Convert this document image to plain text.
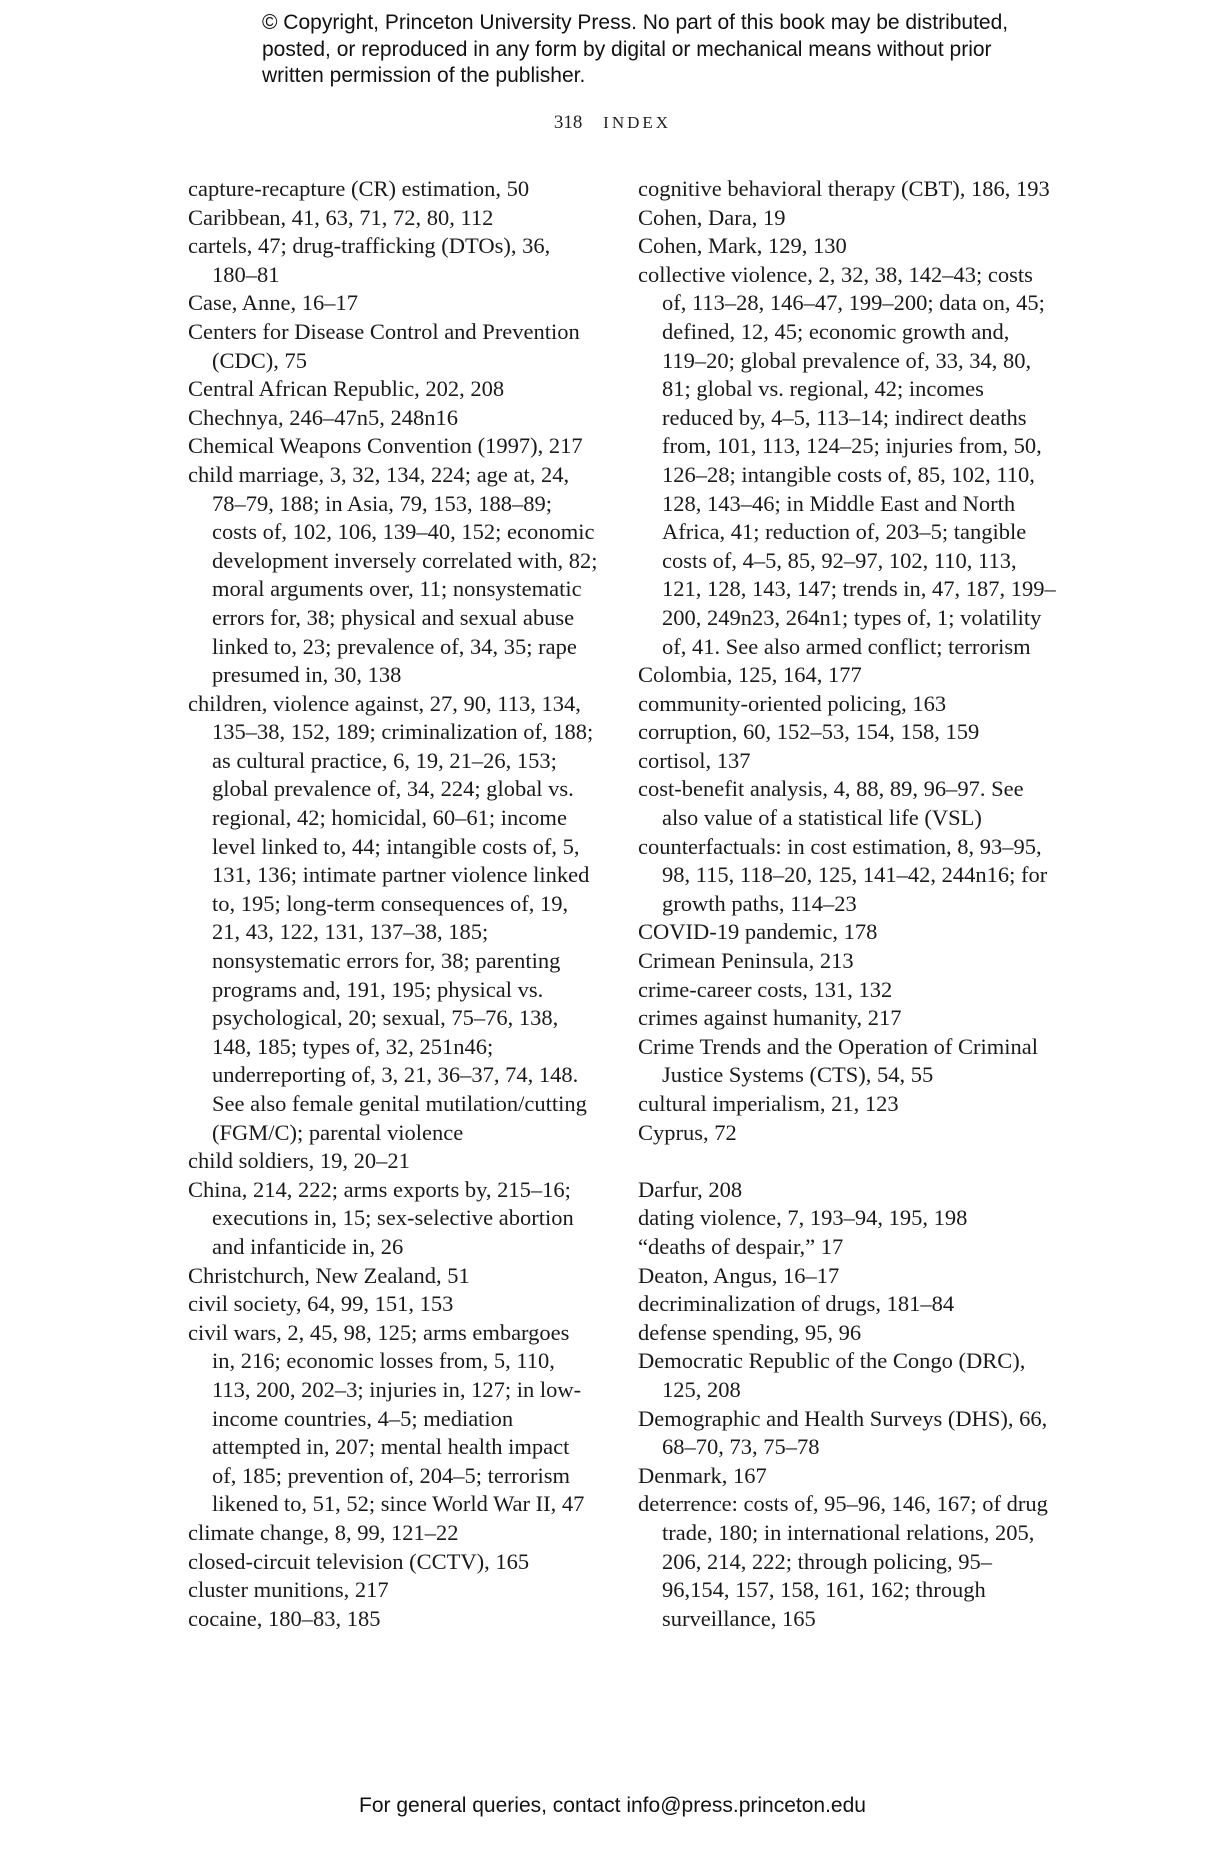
© Copyright, Princeton University Press. No part of this book may be distributed, posted, or reproduced in any form by digital or mechanical means without prior written permission of the publisher.
318 INDEX
capture-recapture (CR) estimation, 50
Caribbean, 41, 63, 71, 72, 80, 112
cartels, 47; drug-trafficking (DTOs), 36, 180–81
Case, Anne, 16–17
Centers for Disease Control and Prevention (CDC), 75
Central African Republic, 202, 208
Chechnya, 246–47n5, 248n16
Chemical Weapons Convention (1997), 217
child marriage, 3, 32, 134, 224; age at, 24, 78–79, 188; in Asia, 79, 153, 188–89; costs of, 102, 106, 139–40, 152; economic development inversely correlated with, 82; moral arguments over, 11; nonsystematic errors for, 38; physical and sexual abuse linked to, 23; prevalence of, 34, 35; rape presumed in, 30, 138
children, violence against, 27, 90, 113, 134, 135–38, 152, 189; criminalization of, 188; as cultural practice, 6, 19, 21–26, 153; global prevalence of, 34, 224; global vs. regional, 42; homicidal, 60–61; income level linked to, 44; intangible costs of, 5, 131, 136; intimate partner violence linked to, 195; long-term consequences of, 19, 21, 43, 122, 131, 137–38, 185; nonsystematic errors for, 38; parenting programs and, 191, 195; physical vs. psychological, 20; sexual, 75–76, 138, 148, 185; types of, 32, 251n46; underreporting of, 3, 21, 36–37, 74, 148. See also female genital mutilation/cutting (FGM/C); parental violence
child soldiers, 19, 20–21
China, 214, 222; arms exports by, 215–16; executions in, 15; sex-selective abortion and infanticide in, 26
Christchurch, New Zealand, 51
civil society, 64, 99, 151, 153
civil wars, 2, 45, 98, 125; arms embargoes in, 216; economic losses from, 5, 110, 113, 200, 202–3; injuries in, 127; in low-income countries, 4–5; mediation attempted in, 207; mental health impact of, 185; prevention of, 204–5; terrorism likened to, 51, 52; since World War II, 47
climate change, 8, 99, 121–22
closed-circuit television (CCTV), 165
cluster munitions, 217
cocaine, 180–83, 185
cognitive behavioral therapy (CBT), 186, 193
Cohen, Dara, 19
Cohen, Mark, 129, 130
collective violence, 2, 32, 38, 142–43; costs of, 113–28, 146–47, 199–200; data on, 45; defined, 12, 45; economic growth and, 119–20; global prevalence of, 33, 34, 80, 81; global vs. regional, 42; incomes reduced by, 4–5, 113–14; indirect deaths from, 101, 113, 124–25; injuries from, 50, 126–28; intangible costs of, 85, 102, 110, 128, 143–46; in Middle East and North Africa, 41; reduction of, 203–5; tangible costs of, 4–5, 85, 92–97, 102, 110, 113, 121, 128, 143, 147; trends in, 47, 187, 199–200, 249n23, 264n1; types of, 1; volatility of, 41. See also armed conflict; terrorism
Colombia, 125, 164, 177
community-oriented policing, 163
corruption, 60, 152–53, 154, 158, 159
cortisol, 137
cost-benefit analysis, 4, 88, 89, 96–97. See also value of a statistical life (VSL)
counterfactuals: in cost estimation, 8, 93–95, 98, 115, 118–20, 125, 141–42, 244n16; for growth paths, 114–23
COVID-19 pandemic, 178
Crimean Peninsula, 213
crime-career costs, 131, 132
crimes against humanity, 217
Crime Trends and the Operation of Criminal Justice Systems (CTS), 54, 55
cultural imperialism, 21, 123
Cyprus, 72
Darfur, 208
dating violence, 7, 193–94, 195, 198
“deaths of despair,” 17
Deaton, Angus, 16–17
decriminalization of drugs, 181–84
defense spending, 95, 96
Democratic Republic of the Congo (DRC), 125, 208
Demographic and Health Surveys (DHS), 66, 68–70, 73, 75–78
Denmark, 167
deterrence: costs of, 95–96, 146, 167; of drug trade, 180; in international relations, 205, 206, 214, 222; through policing, 95–96,154, 157, 158, 161, 162; through surveillance, 165
For general queries, contact info@press.princeton.edu
